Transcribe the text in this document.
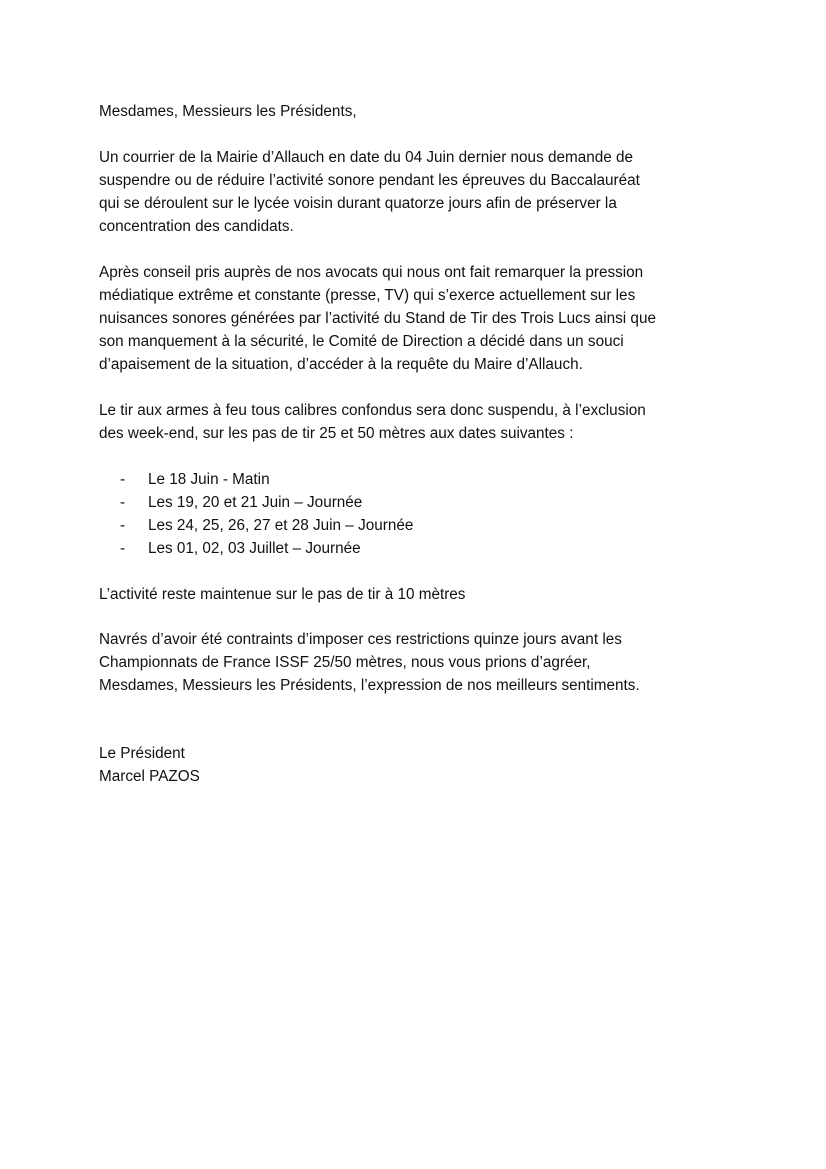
Mesdames, Messieurs les Présidents,
Un courrier de la Mairie d’Allauch en date du 04 Juin dernier nous demande de
suspendre ou de réduire l’activité sonore pendant les épreuves du Baccalauréat
qui se déroulent sur le lycée voisin durant quatorze jours afin de préserver la
concentration des candidats.
Après conseil pris auprès de nos avocats qui nous ont fait remarquer la pression
médiatique extrême et constante (presse, TV) qui s’exerce actuellement sur les
nuisances sonores générées par l’activité du Stand de Tir des Trois Lucs ainsi que
son manquement à la sécurité, le Comité de Direction a décidé dans un souci
d’apaisement de la situation, d’accéder à la requête du Maire d’Allauch.
Le tir aux armes à feu tous calibres confondus sera donc suspendu, à l’exclusion
des week-end, sur les pas de tir 25 et 50 mètres aux dates suivantes :
- Le 18 Juin - Matin
- Les 19, 20 et 21 Juin – Journée
- Les 24, 25, 26, 27 et 28 Juin – Journée
- Les 01, 02, 03 Juillet – Journée
L’activité reste maintenue sur le pas de tir à 10 mètres
Navrés d’avoir été contraints d’imposer ces restrictions quinze jours avant les
Championnats de France ISSF 25/50 mètres, nous vous prions d’agréer,
Mesdames, Messieurs les Présidents, l’expression de nos meilleurs sentiments.
Le Président
Marcel PAZOS
